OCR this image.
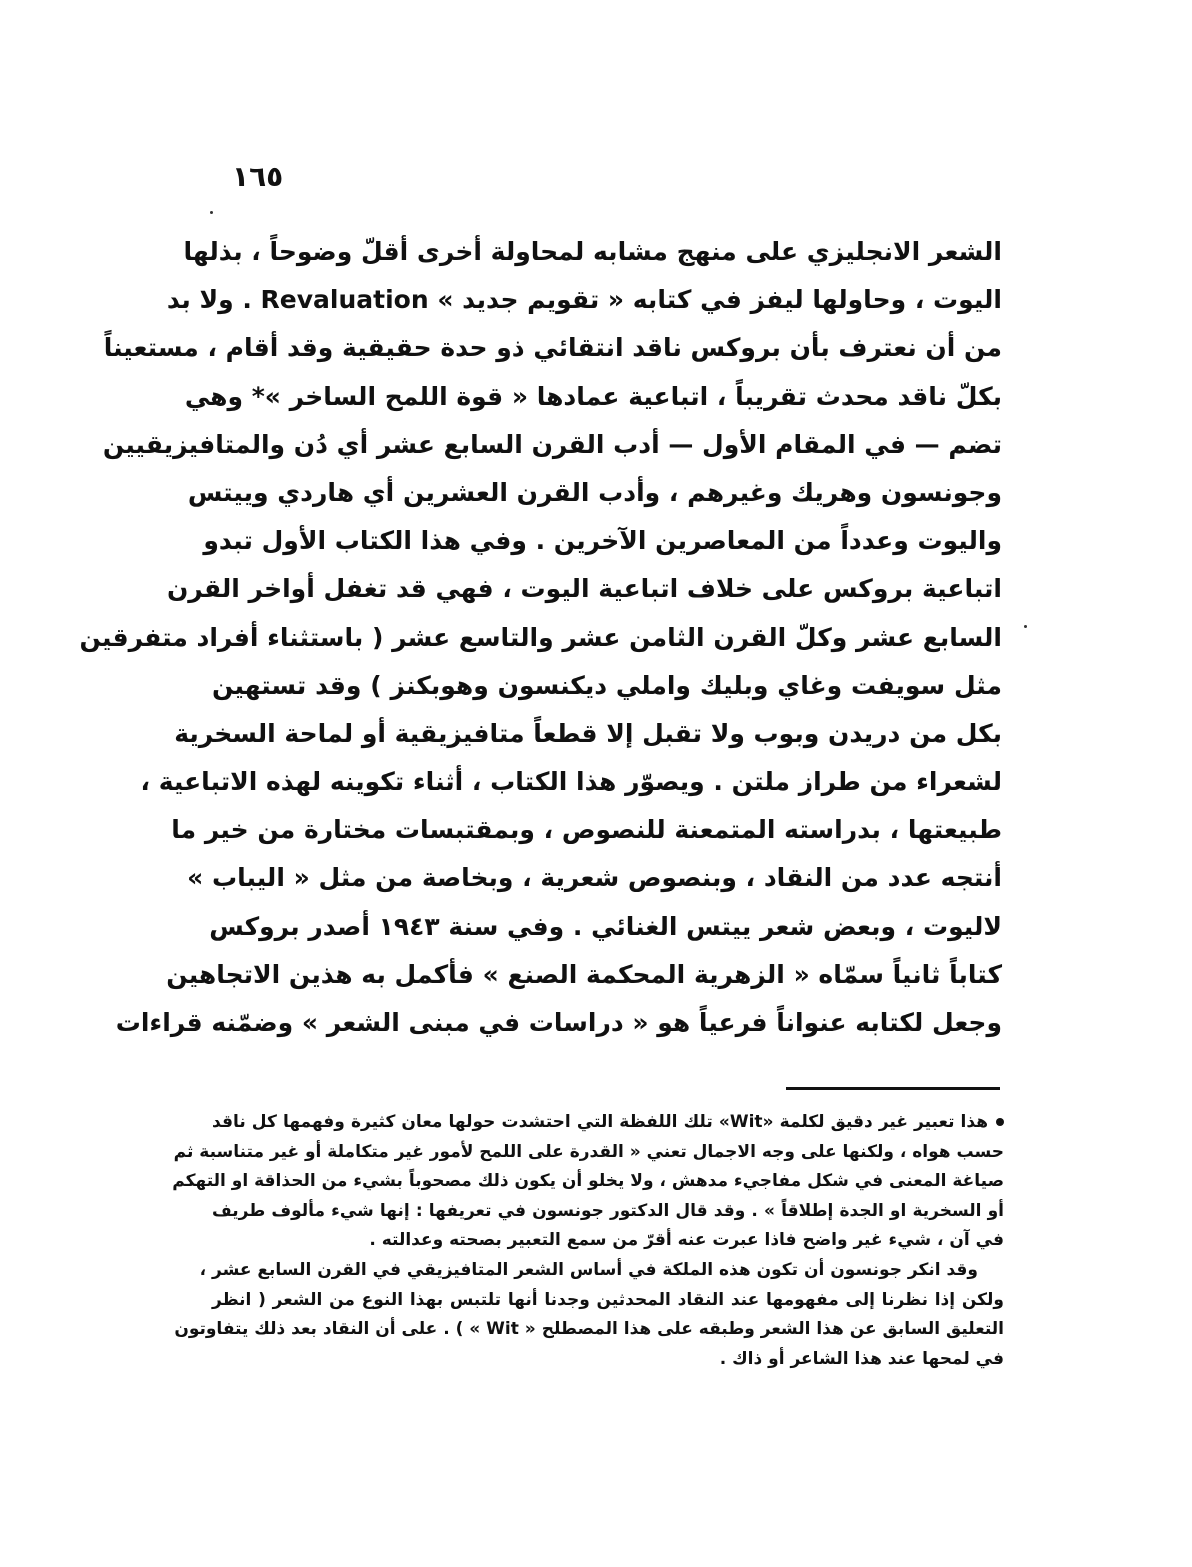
١٦٥
الشعر الانجليزي على منهج مشابه لمحاولة أخرى أقلّ وضوحاً ، بذلها
اليوت ، وحاولها ليفز في كتابه « تقويم جديد » Revaluation . ولا بد
من أن نعترف بأن بروكس ناقد انتقائي ذو حدة حقيقية وقد أقام ، مستعيناً
بكلّ ناقد محدث تقريباً ، اتباعية عمادها « قوة اللمح الساخر »* وهي
تضم — في المقام الأول — أدب القرن السابع عشر أي دُن والمتافيزيقيين
وجونسون وهريك وغيرهم ، وأدب القرن العشرين أي هاردي وييتس
واليوت وعدداً من المعاصرين الآخرين . وفي هذا الكتاب الأول تبدو
اتباعية بروكس على خلاف اتباعية اليوت ، فهي قد تغفل أواخر القرن
السابع عشر وكلّ القرن الثامن عشر والتاسع عشر ( باستثناء أفراد متفرقين
مثل سويفت وغاي وبليك واملي ديكنسون وهوبكنز ) وقد تستهين
بكل من دريدن وبوب ولا تقبل إلا قطعاً متافيزيقية أو لماحة السخرية
لشعراء من طراز ملتن . ويصوّر هذا الكتاب ، أثناء تكوينه لهذه الاتباعية ،
طبيعتها ، بدراسته المتمعنة للنصوص ، وبمقتبسات مختارة من خير ما
أنتجه عدد من النقاد ، وبنصوص شعرية ، وبخاصة من مثل « اليباب »
لاليوت ، وبعض شعر ييتس الغنائي . وفي سنة ١٩٤٣ أصدر بروكس
كتاباً ثانياً سمّاه « الزهرية المحكمة الصنع » فأكمل به هذين الاتجاهين
وجعل لكتابه عنواناً فرعياً هو « دراسات في مبنى الشعر » وضمّنه قراءات
هذا تعبير غير دقيق لكلمة «Wit» تلك اللفظة التي احتشدت حولها معان كثيرة وفهمها كل ناقد
حسب هواه ، ولكنها على وجه الاجمال تعني « القدرة على اللمح لأمور غير متكاملة أو غير متناسبة ثم
صياغة المعنى في شكل مفاجيء مدهش ، ولا يخلو أن يكون ذلك مصحوباً بشيء من الحذاقة او التهكم
أو السخرية او الجدة إطلاقاً » . وقد قال الدكتور جونسون في تعريفها : إنها شيء مألوف طريف
في آن ، شيء غير واضح فاذا عبرت عنه أقرّ من سمع التعبير بصحته وعدالته .
وقد انكر جونسون أن تكون هذه الملكة في أساس الشعر المتافيزيقي في القرن السابع عشر ،
ولكن إذا نظرنا إلى مفهومها عند النقاد المحدثين وجدنا أنها تلتبس بهذا النوع من الشعر ( انظر
التعليق السابق عن هذا الشعر وطبقه على هذا المصطلح « Wit » ) . على أن النقاد بعد ذلك يتفاوتون
في لمحها عند هذا الشاعر أو ذاك .
